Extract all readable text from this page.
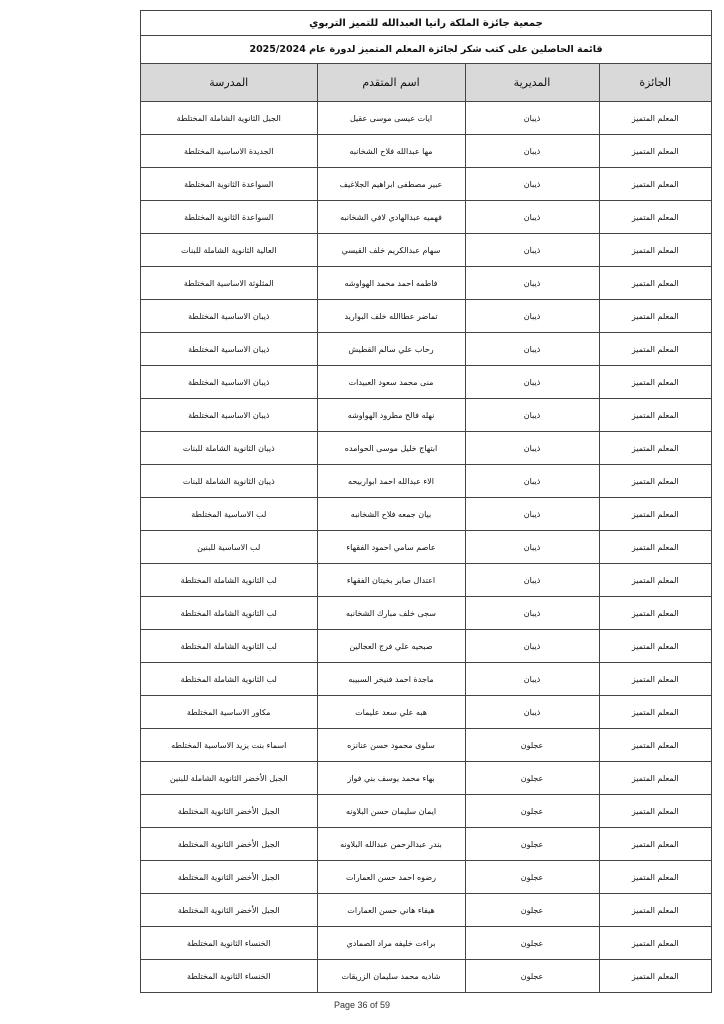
جمعية جائزة الملكة رانيا العبدالله للتميز التربوي
قائمة الحاصلين على كتب شكر لجائزة المعلم المتميز لدورة عام 2025/2024
الجائزة	المديرية	اسم المتقدم	المدرسة
المعلم المتميز	ذيبان	ايات عيسى موسى عقيل	الجبل الثانوية الشاملة المختلطة
المعلم المتميز	ذيبان	مها عبدالله فلاح الشخانبه	الجديدة الاساسية المختلطة
المعلم المتميز	ذيبان	عبير مصطفى ابراهيم الجلاغيف	السواعدة الثانوية المختلطة
المعلم المتميز	ذيبان	فهميه عبدالهادي لافي الشخانبه	السواعدة الثانوية المختلطة
المعلم المتميز	ذيبان	سهام عبدالكريم خلف القيسي	العالية الثانوية الشاملة للبنات
المعلم المتميز	ذيبان	فاطمه احمد محمد الهواوشه	المثلوثة الاساسية المختلطة
المعلم المتميز	ذيبان	تماضر عطاالله خلف البواريد	ذيبان الاساسية المختلطة
المعلم المتميز	ذيبان	رحاب علي سالم القطيش	ذيبان الاساسية المختلطة
المعلم المتميز	ذيبان	منى محمد سعود العبيدات	ذيبان الاساسية المختلطة
المعلم المتميز	ذيبان	نهله فالح مطرود الهواوشه	ذيبان الاساسية المختلطة
المعلم المتميز	ذيبان	ابتهاج خليل موسى الحوامده	ذيبان الثانوية الشاملة للبنات
المعلم المتميز	ذيبان	الاء عبدالله احمد ابواربيحه	ذيبان الثانوية الشاملة للبنات
المعلم المتميز	ذيبان	بيان جمعه فلاح الشخانبه	لب الاساسية المختلطة
المعلم المتميز	ذيبان	عاصم سامي احمود الفقهاء	لب الاساسية للبنين
المعلم المتميز	ذيبان	اعتدال صابر بخيتان الفقهاء	لب الثانوية الشاملة المختلطة
المعلم المتميز	ذيبان	سجى خلف مبارك الشخانبه	لب الثانوية الشاملة المختلطة
المعلم المتميز	ذيبان	صبحيه علي فرج العجالين	لب الثانوية الشاملة المختلطة
المعلم المتميز	ذيبان	ماجدة احمد فنيخر السبيبه	لب الثانوية الشاملة المختلطة
المعلم المتميز	ذيبان	هبه علي سعد عليمات	مكاور الاساسية المختلطة
المعلم المتميز	عجلون	سلوى محمود حسن عنانزه	اسماء بنت يزيد الاساسية المختلطه
المعلم المتميز	عجلون	بهاء محمد يوسف بني فواز	الجبل الأخضر الثانوية الشاملة للبنين
المعلم المتميز	عجلون	ايمان سليمان حسن البلاونه	الجبل الأخضر الثانوية المختلطة
المعلم المتميز	عجلون	بندر عبدالرحمن عبدالله البلاونه	الجبل الأخضر الثانوية المختلطة
المعلم المتميز	عجلون	رضوه احمد حسن العمارات	الجبل الأخضر الثانوية المختلطة
المعلم المتميز	عجلون	هيفاء هاني حسن العمارات	الجبل الأخضر الثانوية المختلطة
المعلم المتميز	عجلون	براءت خليفه مراد الصمادي	الخنساء الثانوية المختلطة
المعلم المتميز	عجلون	شاديه محمد سليمان الزريقات	الخنساء الثانوية المختلطة
Page 36 of 59
